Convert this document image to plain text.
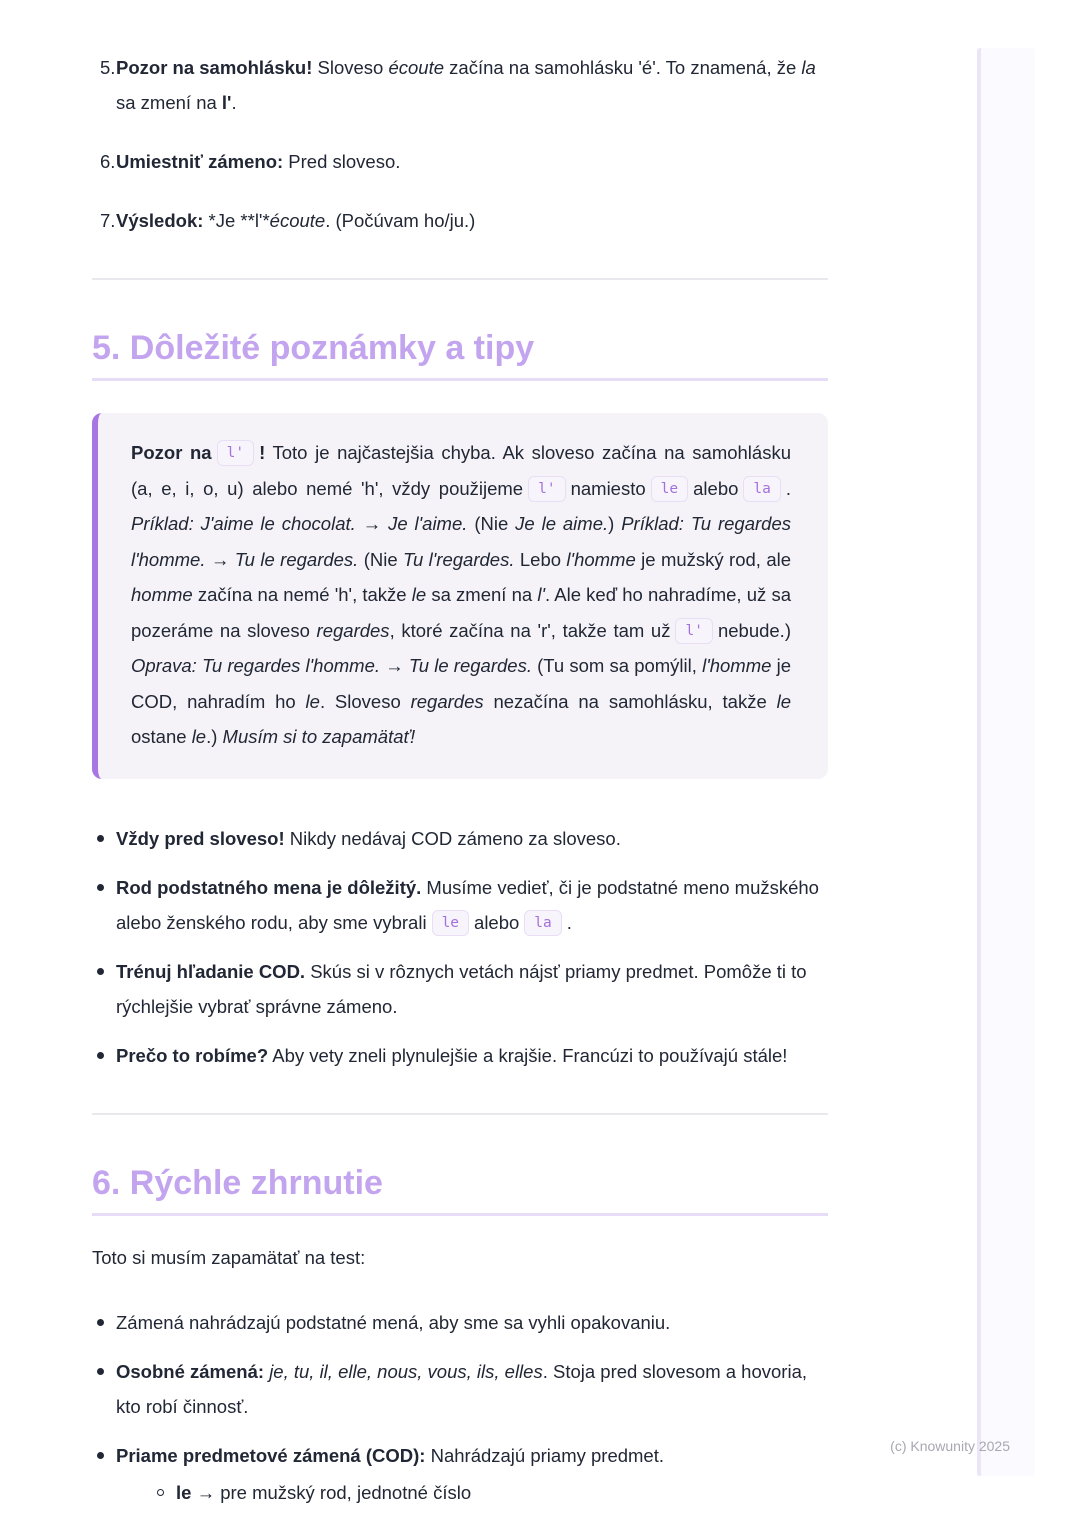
5. Pozor na samohlásku! Sloveso écoute začína na samohlásku 'é'. To znamená, že la sa zmení na l'.
6. Umiestniť zámeno: Pred sloveso.
7. Výsledok: *Je **l'*écoute. (Počúvam ho/ju.)
5. Dôležité poznámky a tipy
Pozor na l' ! Toto je najčastejšia chyba. Ak sloveso začína na samohlásku (a, e, i, o, u) alebo nemé 'h', vždy použijeme l' namiesto le alebo la . Príklad: J'aime le chocolat. → Je l'aime. (Nie Je le aime.) Príklad: Tu regardes l'homme. → Tu le regardes. (Nie Tu l'regardes. Lebo l'homme je mužský rod, ale homme začína na nemé 'h', takže le sa zmení na l'. Ale keď ho nahradíme, už sa pozeráme na sloveso regardes, ktoré začína na 'r', takže tam už l' nebude.) Oprava: Tu regardes l'homme. → Tu le regardes. (Tu som sa pomýlil, l'homme je COD, nahradím ho le. Sloveso regardes nezačína na samohlásku, takže le ostane le.) Musím si to zapamätať!
Vždy pred sloveso! Nikdy nedávaj COD zámeno za sloveso.
Rod podstatného mena je dôležitý. Musíme vedieť, či je podstatné meno mužského alebo ženského rodu, aby sme vybrali le alebo la .
Trénuj hľadanie COD. Skús si v rôznych vetách nájsť priamy predmet. Pomôže ti to rýchlejšie vybrať správne zámeno.
Prečo to robíme? Aby vety zneli plynulejšie a krajšie. Francúzi to používajú stále!
6. Rýchle zhrnutie

Toto si musím zapamätať na test:

Zámená nahrádzajú podstatné mená, aby sme sa vyhli opakovaniu.
Osobné zámená: je, tu, il, elle, nous, vous, ils, elles. Stoja pred slovesom a hovoria, kto robí činnosť.
Priame predmetové zámená (COD): Nahrádzajú priamy predmet.
le → pre mužský rod, jednotné číslo
(c) Knowunity 2025
